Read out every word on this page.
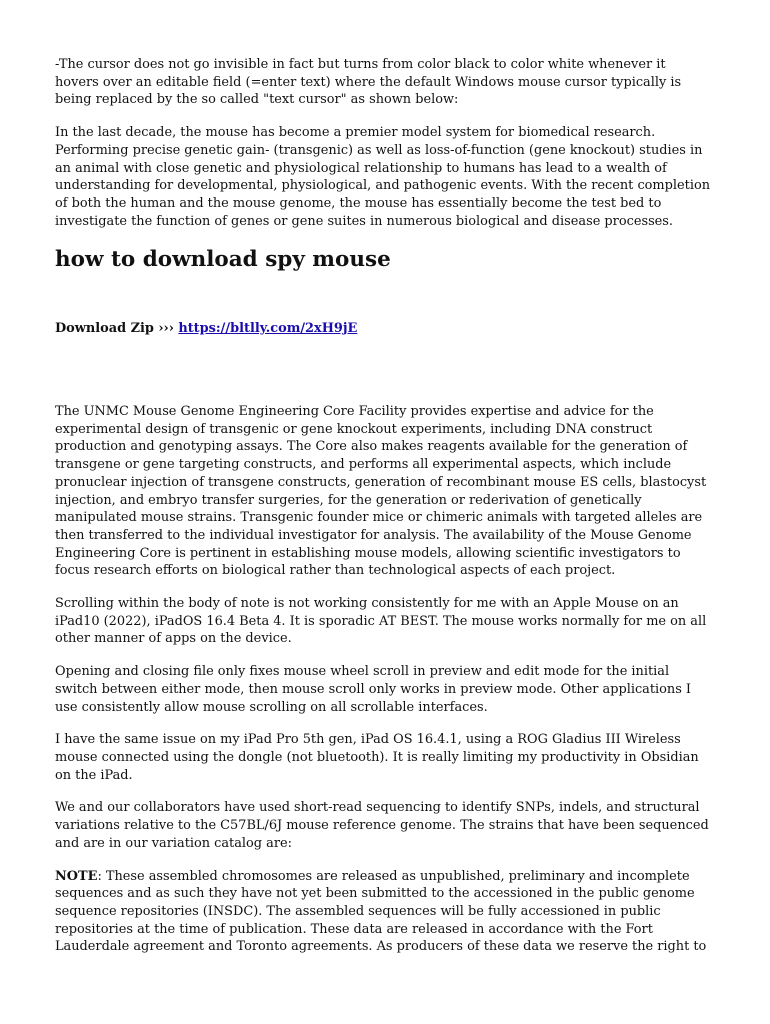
-The cursor does not go invisible in fact but turns from color black to color white whenever it hovers over an editable field (=enter text) where the default Windows mouse cursor typically is being replaced by the so called "text cursor" as shown below:

In the last decade, the mouse has become a premier model system for biomedical research. Performing precise genetic gain- (transgenic) as well as loss-of-function (gene knockout) studies in an animal with close genetic and physiological relationship to humans has lead to a wealth of understanding for developmental, physiological, and pathogenic events. With the recent completion of both the human and the mouse genome, the mouse has essentially become the test bed to investigate the function of genes or gene suites in numerous biological and disease processes.

how to download spy mouse
Download Zip ››› https://bltlly.com/2xH9jE

The UNMC Mouse Genome Engineering Core Facility provides expertise and advice for the experimental design of transgenic or gene knockout experiments, including DNA construct production and genotyping assays. The Core also makes reagents available for the generation of transgene or gene targeting constructs, and performs all experimental aspects, which include pronuclear injection of transgene constructs, generation of recombinant mouse ES cells, blastocyst injection, and embryo transfer surgeries, for the generation or rederivation of genetically manipulated mouse strains. Transgenic founder mice or chimeric animals with targeted alleles are then transferred to the individual investigator for analysis. The availability of the Mouse Genome Engineering Core is pertinent in establishing mouse models, allowing scientific investigators to focus research efforts on biological rather than technological aspects of each project.

Scrolling within the body of note is not working consistently for me with an Apple Mouse on an iPad10 (2022), iPadOS 16.4 Beta 4. It is sporadic AT BEST. The mouse works normally for me on all other manner of apps on the device.

Opening and closing file only fixes mouse wheel scroll in preview and edit mode for the initial switch between either mode, then mouse scroll only works in preview mode. Other applications I use consistently allow mouse scrolling on all scrollable interfaces.

I have the same issue on my iPad Pro 5th gen, iPad OS 16.4.1, using a ROG Gladius III Wireless mouse connected using the dongle (not bluetooth). It is really limiting my productivity in Obsidian on the iPad.

We and our collaborators have used short-read sequencing to identify SNPs, indels, and structural variations relative to the C57BL/6J mouse reference genome. The strains that have been sequenced and are in our variation catalog are:

NOTE: These assembled chromosomes are released as unpublished, preliminary and incomplete sequences and as such they have not yet been submitted to the accessioned in the public genome sequence repositories (INSDC). The assembled sequences will be fully accessioned in public repositories at the time of publication. These data are released in accordance with the Fort Lauderdale agreement and Toronto agreements. As producers of these data we reserve the right to
